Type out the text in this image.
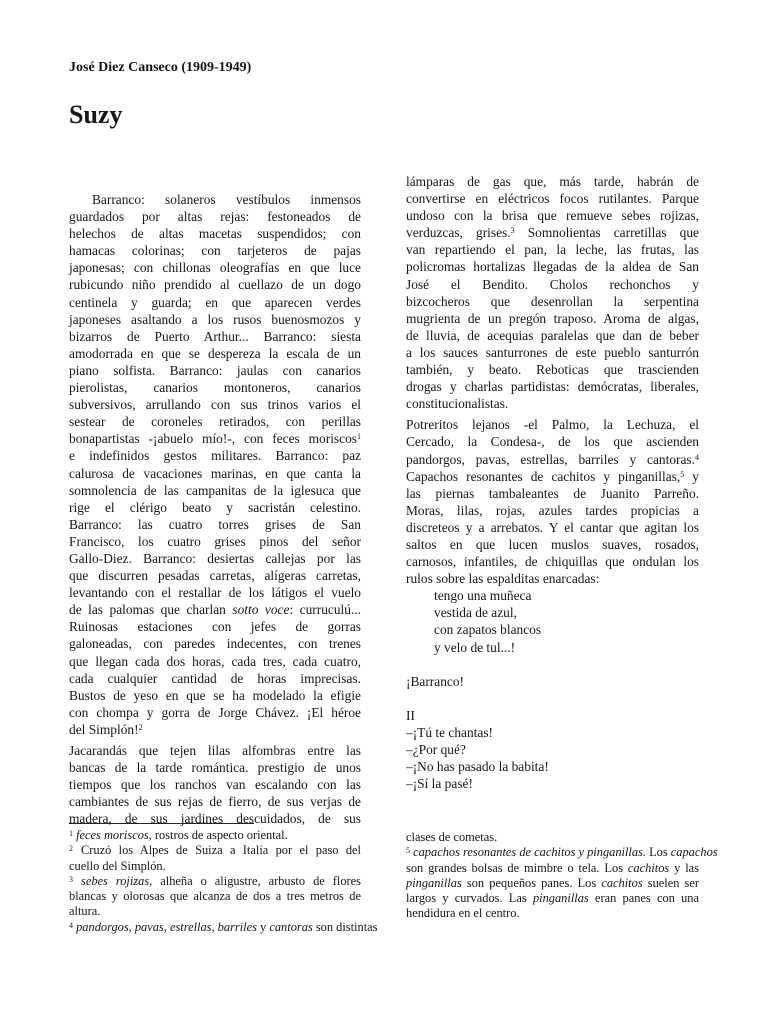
José Diez Canseco (1909-1949)
Suzy
Barranco: solaneros vestíbulos inmensos
guardados por altas rejas: festoneados de
helechos de altas macetas suspendidos; con
hamacas colorinas; con tarjeteros de pajas
japonesas; con chillonas oleografías en que luce
rubicundo niño prendido al cuellazo de un dogo
centinela y guarda; en que aparecen verdes
japoneses asaltando a los rusos buenosmozos y
bizarros de Puerto Arthur... Barranco: siesta
amodorrada en que se despereza la escala de un
piano solfista. Barranco: jaulas con canarios
pierolistas, canarios montoneros, canarios
subversivos, arrullando con sus trinos varios el
sestear de coroneles retirados, con perillas
bonapartistas -¡abuelo mío!-, con feces moriscos$^1$
e indefinidos gestos militares. Barranco: paz
calurosa de vacaciones marinas, en que canta la
somnolencia de las campanitas de la iglesuca que
rige el clérigo beato y sacristán celestino.
Barranco: las cuatro torres grises de San
Francisco, los cuatro grises pinos del señor
Gallo-Diez. Barranco: desiertas callejas por las
que discurren pesadas carretas, alígeras carretas,
levantando con el restallar de los látigos el vuelo
de las palomas que charlan sotto voce: curruculú...
Ruinosas estaciones con jefes de gorras
galoneadas, con paredes indecentes, con trenes
que llegan cada dos horas, cada tres, cada cuatro,
cada cualquier cantidad de horas imprecisas.
Bustos de yeso en que se ha modelado la efigie
con chompa y gorra de Jorge Chávez. ¡El héroe
del Simplón!$^2$
Jacarandás que tejen lilas alfombras entre las
bancas de la tarde romántica. prestigio de unos
tiempos que los ranchos van escalando con las
cambiantes de sus rejas de fierro, de sus verjas de
madera, de sus jardines descuidados, de sus
lámparas de gas que, más tarde, habrán de
convertirse en eléctricos focos rutilantes. Parque
undoso con la brisa que remueve sebes rojizas,
verduzcas, grises.$^3$ Somnolientas carretillas que
van repartiendo el pan, la leche, las frutas, las
policromas hortalizas llegadas de la aldea de San
José el Bendito. Cholos rechonchos y
bizcocheros que desenrollan la serpentina
mugrienta de un pregón traposo. Aroma de algas,
de lluvia, de acequias paralelas que dan de beber
a los sauces santurrones de este pueblo santurrón
también, y beato. Reboticas que trascienden
drogas y charlas partidistas: demócratas, liberales,
constitucionalistas.
Potreritos lejanos -el Palmo, la Lechuza, el
Cercado, la Condesa-, de los que ascienden
pandorgos, pavas, estrellas, barriles y cantoras.$^4$
Capachos resonantes de cachitos y pinganillas,$^5$ y
las piernas tambaleantes de Juanito Parreño.
Moras, lilas, rojas, azules tardes propicias a
discreteos y a arrebatos. Y el cantar que agitan los
saltos en que lucen muslos suaves, rosados,
carnosos, infantiles, de chiquillas que ondulan los
rulos sobre las espalditas enarcadas:
tengo una muñeca
vestida de azul,
con zapatos blancos
y velo de tul...!
¡Barranco!
II
–¡Tú te chantas!
–¿Por qué?
–¡No has pasado la babita!
–¡Sí la pasé!
$^1$ feces moriscos, rostros de aspecto oriental.
$^2$ Cruzó los Alpes de Suiza a Italia por el paso del
cuello del Simplón.
$^3$ sebes rojizas, alheña o aligustre, arbusto de flores
blancas y olorosas que alcanza de dos a tres metros de
altura.
$^4$ pandorgos, pavas, estrellas, barriles y cantoras son distintas
clases de cometas.
$^5$ capachos resonantes de cachitos y pinganillas. Los capachos
son grandes bolsas de mimbre o tela. Los cachitos y las
pinganillas son pequeños panes. Los cachitos suelen ser
largos y curvados. Las pinganillas eran panes con una
hendidura en el centro.
